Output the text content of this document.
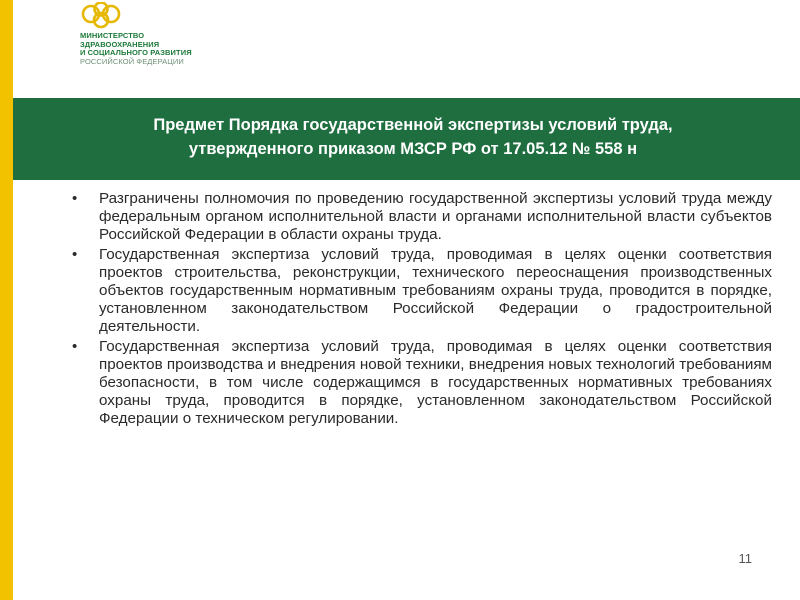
МИНИСТЕРСТВО
ЗДРАВООХРАНЕНИЯ
И СОЦИАЛЬНОГО РАЗВИТИЯ
РОССИЙСКОЙ ФЕДЕРАЦИИ
Предмет Порядка государственной экспертизы условий труда,
утвержденного приказом МЗСР РФ от 17.05.12 № 558 н
• Разграничены полномочия по проведению государственной экспертизы условий труда между федеральным органом исполнительной власти и органами исполнительной власти субъектов Российской Федерации в области охраны труда.
• Государственная экспертиза условий труда, проводимая в целях оценки соответствия проектов строительства, реконструкции, технического переоснащения производственных объектов государственным нормативным требованиям охраны труда, проводится в порядке, установленном законодательством Российской Федерации о градостроительной деятельности.
• Государственная экспертиза условий труда, проводимая в целях оценки соответствия проектов производства и внедрения новой техники, внедрения новых технологий требованиям безопасности, в том числе содержащимся в государственных нормативных требованиях охраны труда, проводится в порядке, установленном законодательством Российской Федерации о техническом регулировании.
11
